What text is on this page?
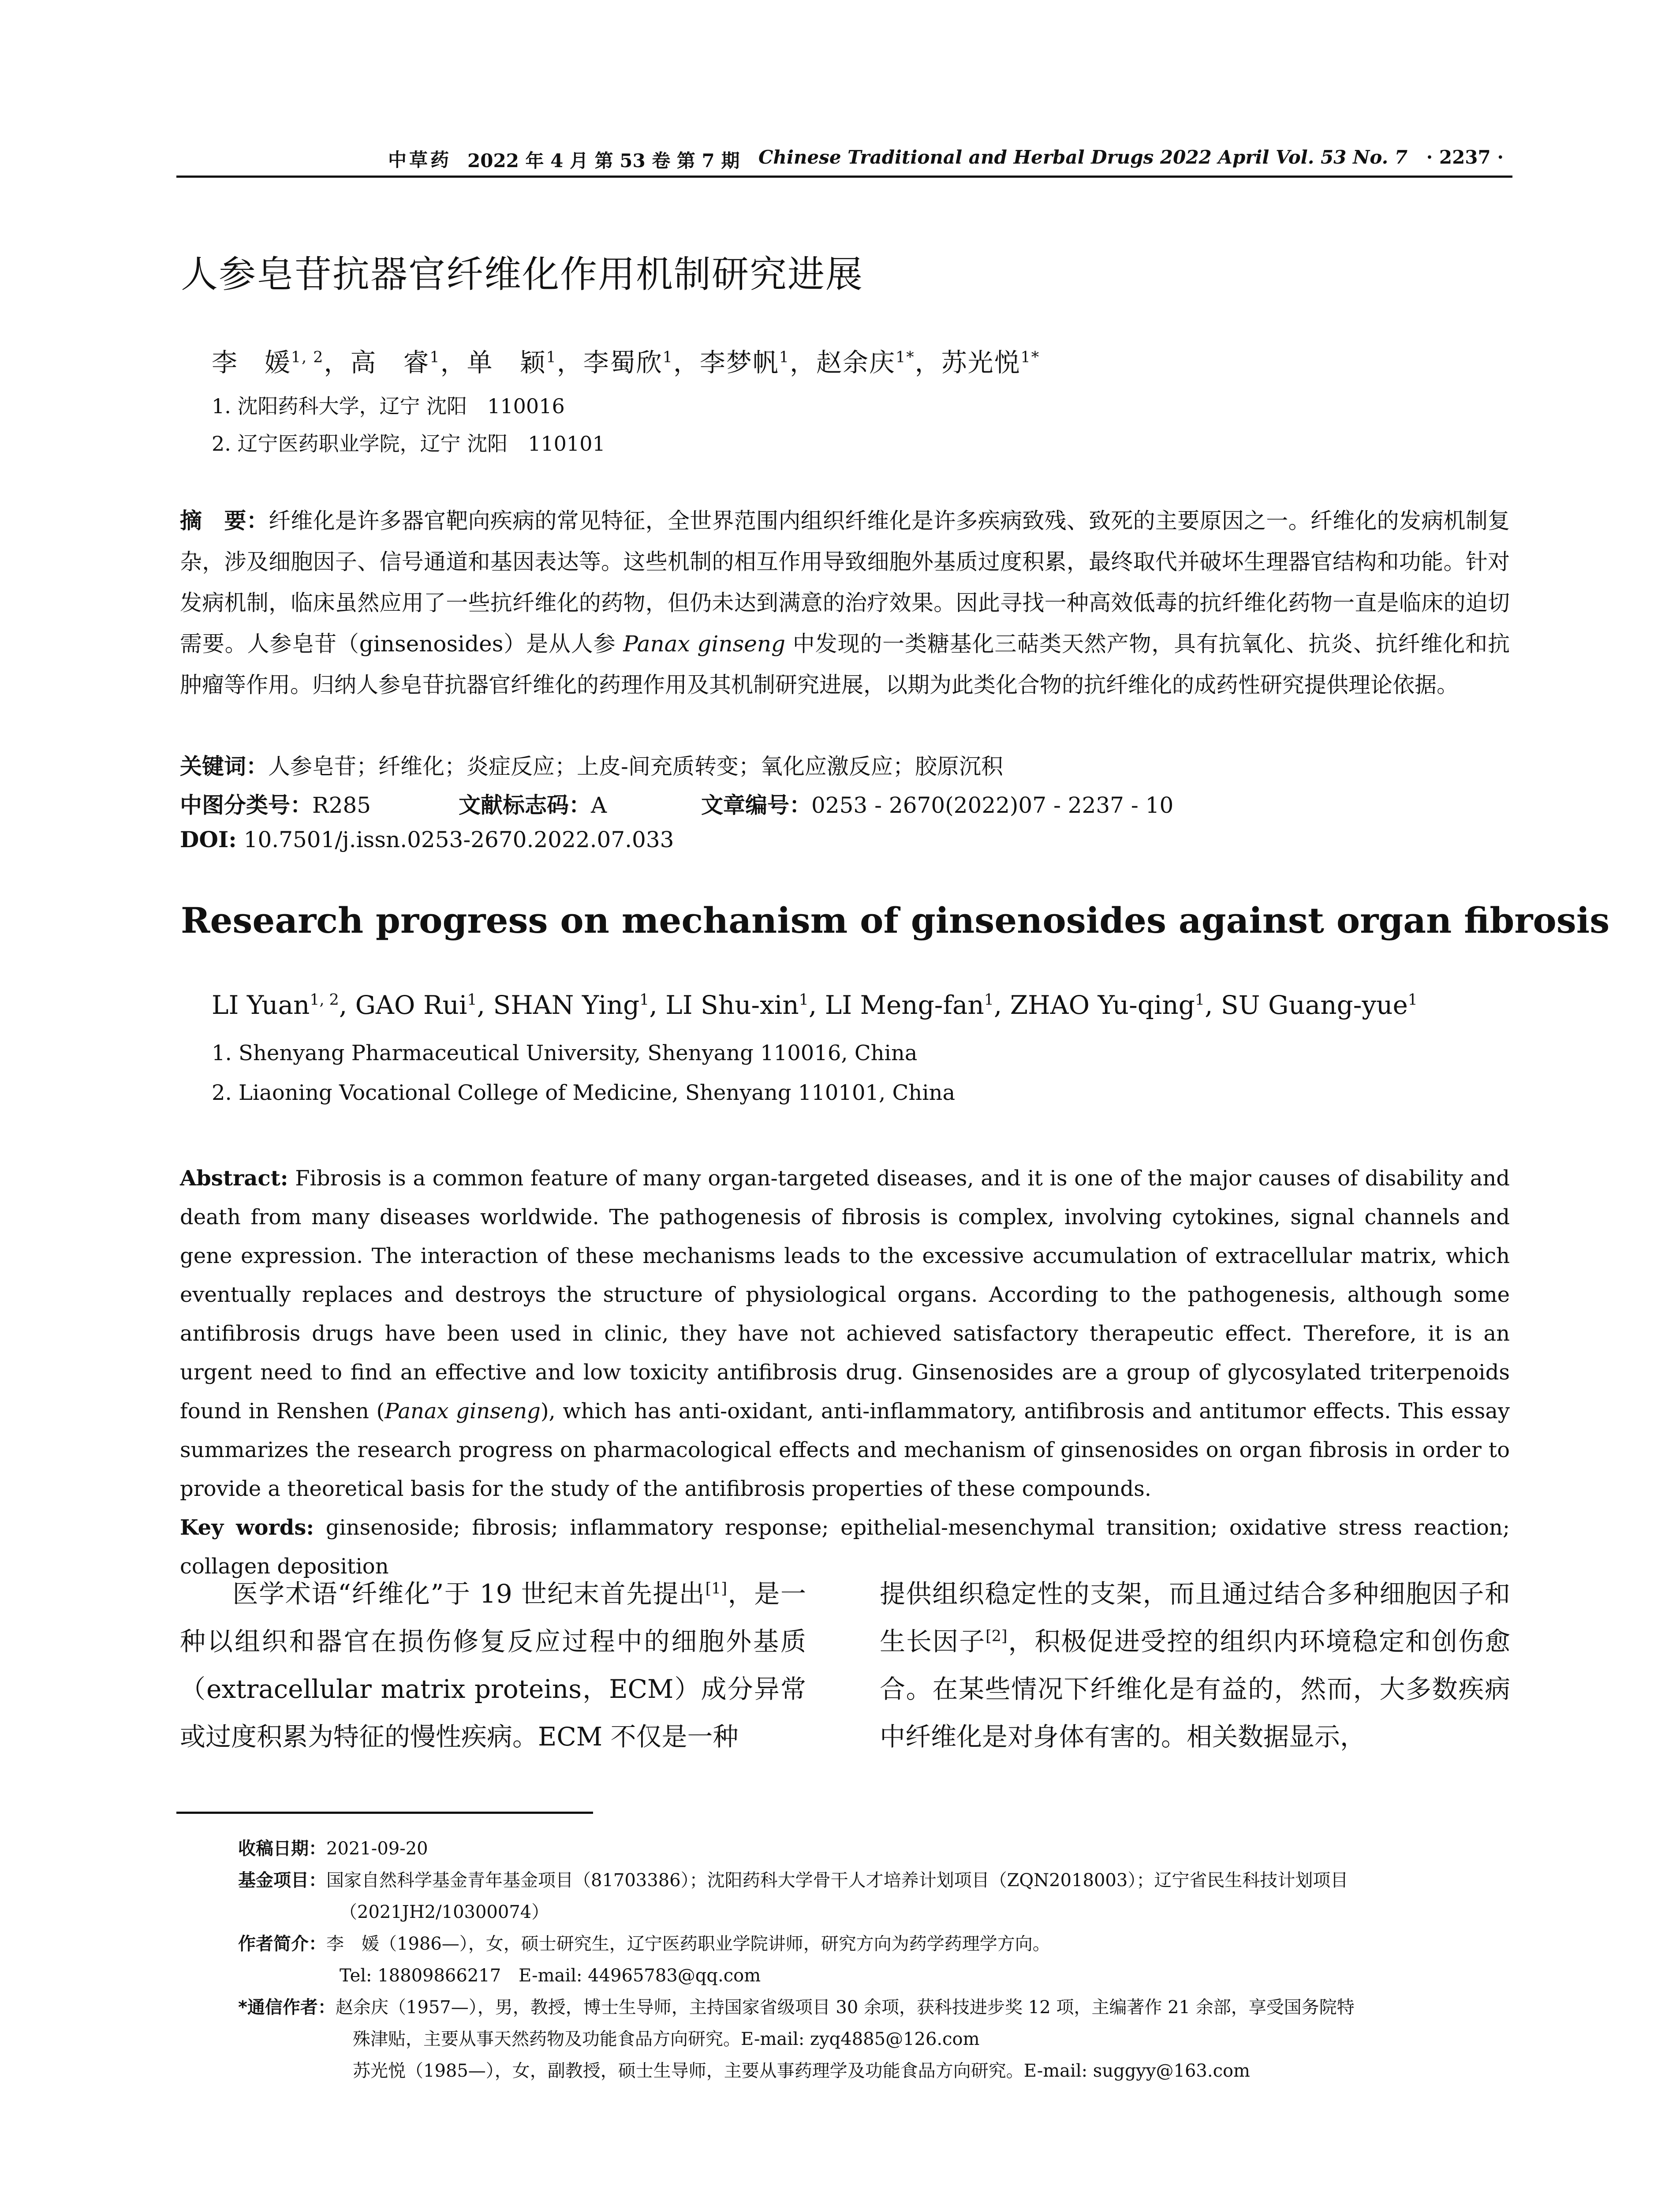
中草药 2022 年 4 月 第 53 卷 第 7 期 Chinese Traditional and Herbal Drugs 2022 April Vol. 53 No. 7 · 2237 ·
人参皂苷抗器官纤维化作用机制研究进展
李　媛$^{1, 2}$，高　睿$^1$，单　颖$^1$，李蜀欣$^1$，李梦帆$^1$，赵余庆$^{1*}$，苏光悦$^{1*}$
1. 沈阳药科大学，辽宁 沈阳　110016
2. 辽宁医药职业学院，辽宁 沈阳　110101
摘　要：纤维化是许多器官靶向疾病的常见特征，全世界范围内组织纤维化是许多疾病致残、致死的主要原因之一。纤维化的发病机制复杂，涉及细胞因子、信号通道和基因表达等。这些机制的相互作用导致细胞外基质过度积累，最终取代并破坏生理器官结构和功能。针对发病机制，临床虽然应用了一些抗纤维化的药物，但仍未达到满意的治疗效果。因此寻找一种高效低毒的抗纤维化药物一直是临床的迫切需要。人参皂苷（ginsenosides）是从人参 Panax ginseng 中发现的一类糖基化三萜类天然产物，具有抗氧化、抗炎、抗纤维化和抗肿瘤等作用。归纳人参皂苷抗器官纤维化的药理作用及其机制研究进展，以期为此类化合物的抗纤维化的成药性研究提供理论依据。
关键词：人参皂苷；纤维化；炎症反应；上皮-间充质转变；氧化应激反应；胶原沉积
中图分类号：R285	文献标志码：A	文章编号：0253 - 2670(2022)07 - 2237 - 10
DOI: 10.7501/j.issn.0253-2670.2022.07.033
Research progress on mechanism of ginsenosides against organ fibrosis
LI Yuan$^{1, 2}$, GAO Rui$^1$, SHAN Ying$^1$, LI Shu-xin$^1$, LI Meng-fan$^1$, ZHAO Yu-qing$^1$, SU Guang-yue$^1$
1. Shenyang Pharmaceutical University, Shenyang 110016, China
2. Liaoning Vocational College of Medicine, Shenyang 110101, China
Abstract: Fibrosis is a common feature of many organ-targeted diseases, and it is one of the major causes of disability and death from many diseases worldwide. The pathogenesis of fibrosis is complex, involving cytokines, signal channels and gene expression. The interaction of these mechanisms leads to the excessive accumulation of extracellular matrix, which eventually replaces and destroys the structure of physiological organs. According to the pathogenesis, although some antifibrosis drugs have been used in clinic, they have not achieved satisfactory therapeutic effect. Therefore, it is an urgent need to find an effective and low toxicity antifibrosis drug. Ginsenosides are a group of glycosylated triterpenoids found in Renshen (Panax ginseng), which has anti-oxidant, anti-inflammatory, antifibrosis and antitumor effects. This essay summarizes the research progress on pharmacological effects and mechanism of ginsenosides on organ fibrosis in order to provide a theoretical basis for the study of the antifibrosis properties of these compounds.
Key words: ginsenoside; fibrosis; inflammatory response; epithelial-mesenchymal transition; oxidative stress reaction; collagen deposition
　　医学术语“纤维化”于 19 世纪末首先提出[1]，是一种以组织和器官在损伤修复反应过程中的细胞外基质（extracellular matrix proteins，ECM）成分异常或过度积累为特征的慢性疾病。ECM 不仅是一种
提供组织稳定性的支架，而且通过结合多种细胞因子和生长因子[2]，积极促进受控的组织内环境稳定和创伤愈合。在某些情况下纤维化是有益的，然而，大多数疾病中纤维化是对身体有害的。相关数据显示，
收稿日期：2021-09-20
基金项目：国家自然科学基金青年基金项目（81703386）；沈阳药科大学骨干人才培养计划项目（ZQN2018003）；辽宁省民生科技计划项目
（2021JH2/10300074）
作者简介：李　媛（1986—），女，硕士研究生，辽宁医药职业学院讲师，研究方向为药学药理学方向。
Tel: 18809866217　E-mail: 44965783@qq.com
*通信作者：赵余庆（1957—），男，教授，博士生导师，主持国家省级项目 30 余项，获科技进步奖 12 项，主编著作 21 余部，享受国务院特
殊津贴，主要从事天然药物及功能食品方向研究。E-mail: zyq4885@126.com
苏光悦（1985—），女，副教授，硕士生导师，主要从事药理学及功能食品方向研究。E-mail: suggyy@163.com
